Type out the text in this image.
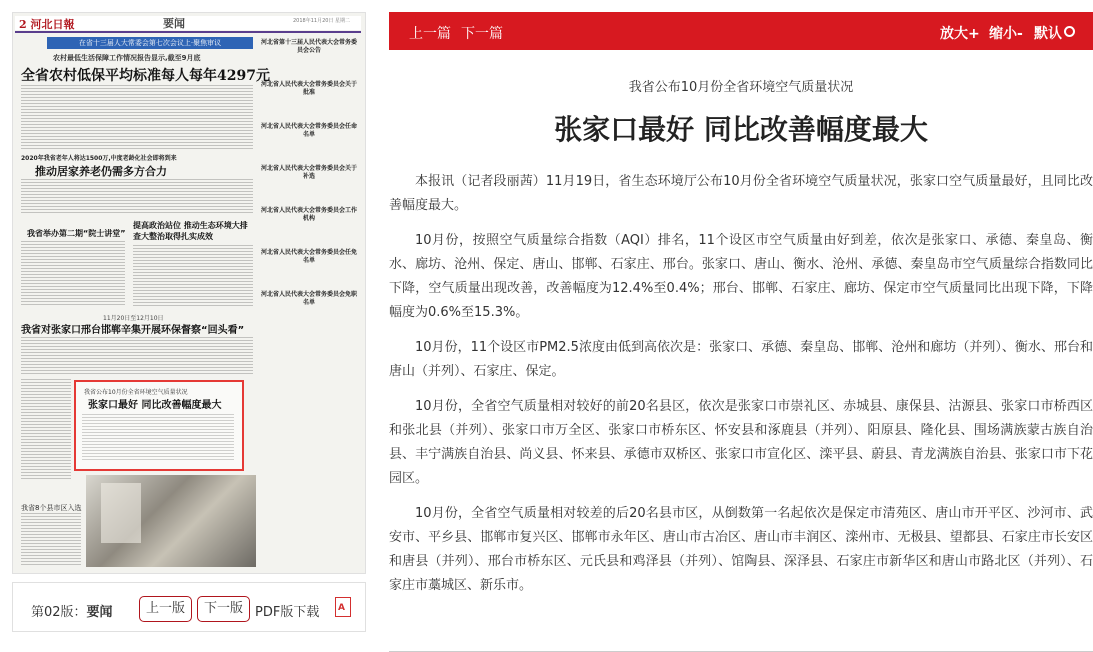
2 河北日報	要闻	2018年11月20日 星期二
在省十三届人大常委会第七次会议上·聚焦审议
农村最低生活保障工作情况报告显示,截至9月底
全省农村低保平均标准每人每年4297元
2020年我省老年人将达1500万,中度老龄化社会即将到来
推动居家养老仍需多方合力
我省举办第二期“院士讲堂”
提高政治站位 推动生态环境大排查大整治取得扎实成效
11月20日至12月10日
我省对张家口邢台邯郸辛集开展环保督察“回头看”
我省公布10月份全省环境空气质量状况
张家口最好 同比改善幅度最大
我省8个县市区入选
河北省第十三届人民代表大会常务委员会公告
河北省人民代表大会常务委员会关于批准
河北省人民代表大会常务委员会任命名单
河北省人民代表大会常务委员会关于补选
河北省人民代表大会常务委员会工作机构
河北省人民代表大会常务委员会任免名单
河北省人民代表大会常务委员会免职名单
第02版：要闻	上一版	下一版 PDF版下载 A
上一篇 下一篇	放大+ 缩小- 默认
我省公布10月份全省环境空气质量状况
张家口最好 同比改善幅度最大

本报讯（记者段丽茜）11月19日，省生态环境厅公布10月份全省环境空气质量状况，张家口空气质量最好，且同比改善幅度最大。

10月份，按照空气质量综合指数（AQI）排名，11个设区市空气质量由好到差，依次是张家口、承德、秦皇岛、衡水、廊坊、沧州、保定、唐山、邯郸、石家庄、邢台。张家口、唐山、衡水、沧州、承德、秦皇岛市空气质量综合指数同比下降，空气质量出现改善，改善幅度为12.4%至0.4%；邢台、邯郸、石家庄、廊坊、保定市空气质量同比出现下降，下降幅度为0.6%至15.3%。

10月份，11个设区市PM2.5浓度由低到高依次是：张家口、承德、秦皇岛、邯郸、沧州和廊坊（并列）、衡水、邢台和唐山（并列）、石家庄、保定。

10月份，全省空气质量相对较好的前20名县区，依次是张家口市崇礼区、赤城县、康保县、沽源县、张家口市桥西区和张北县（并列）、张家口市万全区、张家口市桥东区、怀安县和涿鹿县（并列）、阳原县、隆化县、围场满族蒙古族自治县、丰宁满族自治县、尚义县、怀来县、承德市双桥区、张家口市宣化区、滦平县、蔚县、青龙满族自治县、张家口市下花园区。

10月份，全省空气质量相对较差的后20名县市区，从倒数第一名起依次是保定市清苑区、唐山市开平区、沙河市、武安市、平乡县、邯郸市复兴区、邯郸市永年区、唐山市古冶区、唐山市丰润区、滦州市、无极县、望都县、石家庄市长安区和唐县（并列）、邢台市桥东区、元氏县和鸡泽县（并列）、馆陶县、深泽县、石家庄市新华区和唐山市路北区（并列）、石家庄市藁城区、新乐市。
